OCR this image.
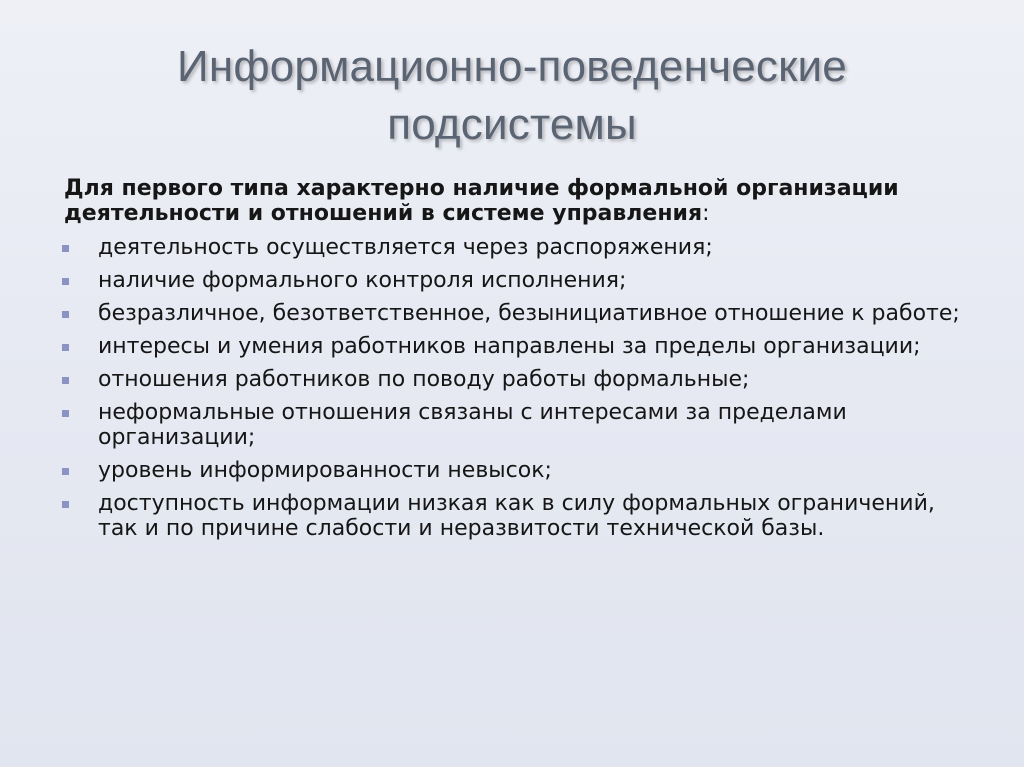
Информационно-поведенческие
подсистемы
Для первого типа характерно наличие формальной организации деятельности и отношений в системе управления:
деятельность осуществляется через распоряжения;
наличие формального контроля исполнения;
безразличное, безответственное, безынициативное отношение к работе;
интересы и умения работников направлены за пределы организации;
отношения работников по поводу работы формальные;
неформальные отношения связаны с интересами за пределами организации;
уровень информированности невысок;
доступность информации низкая как в силу формальных ограничений, так и по причине слабости и неразвитости технической базы.
